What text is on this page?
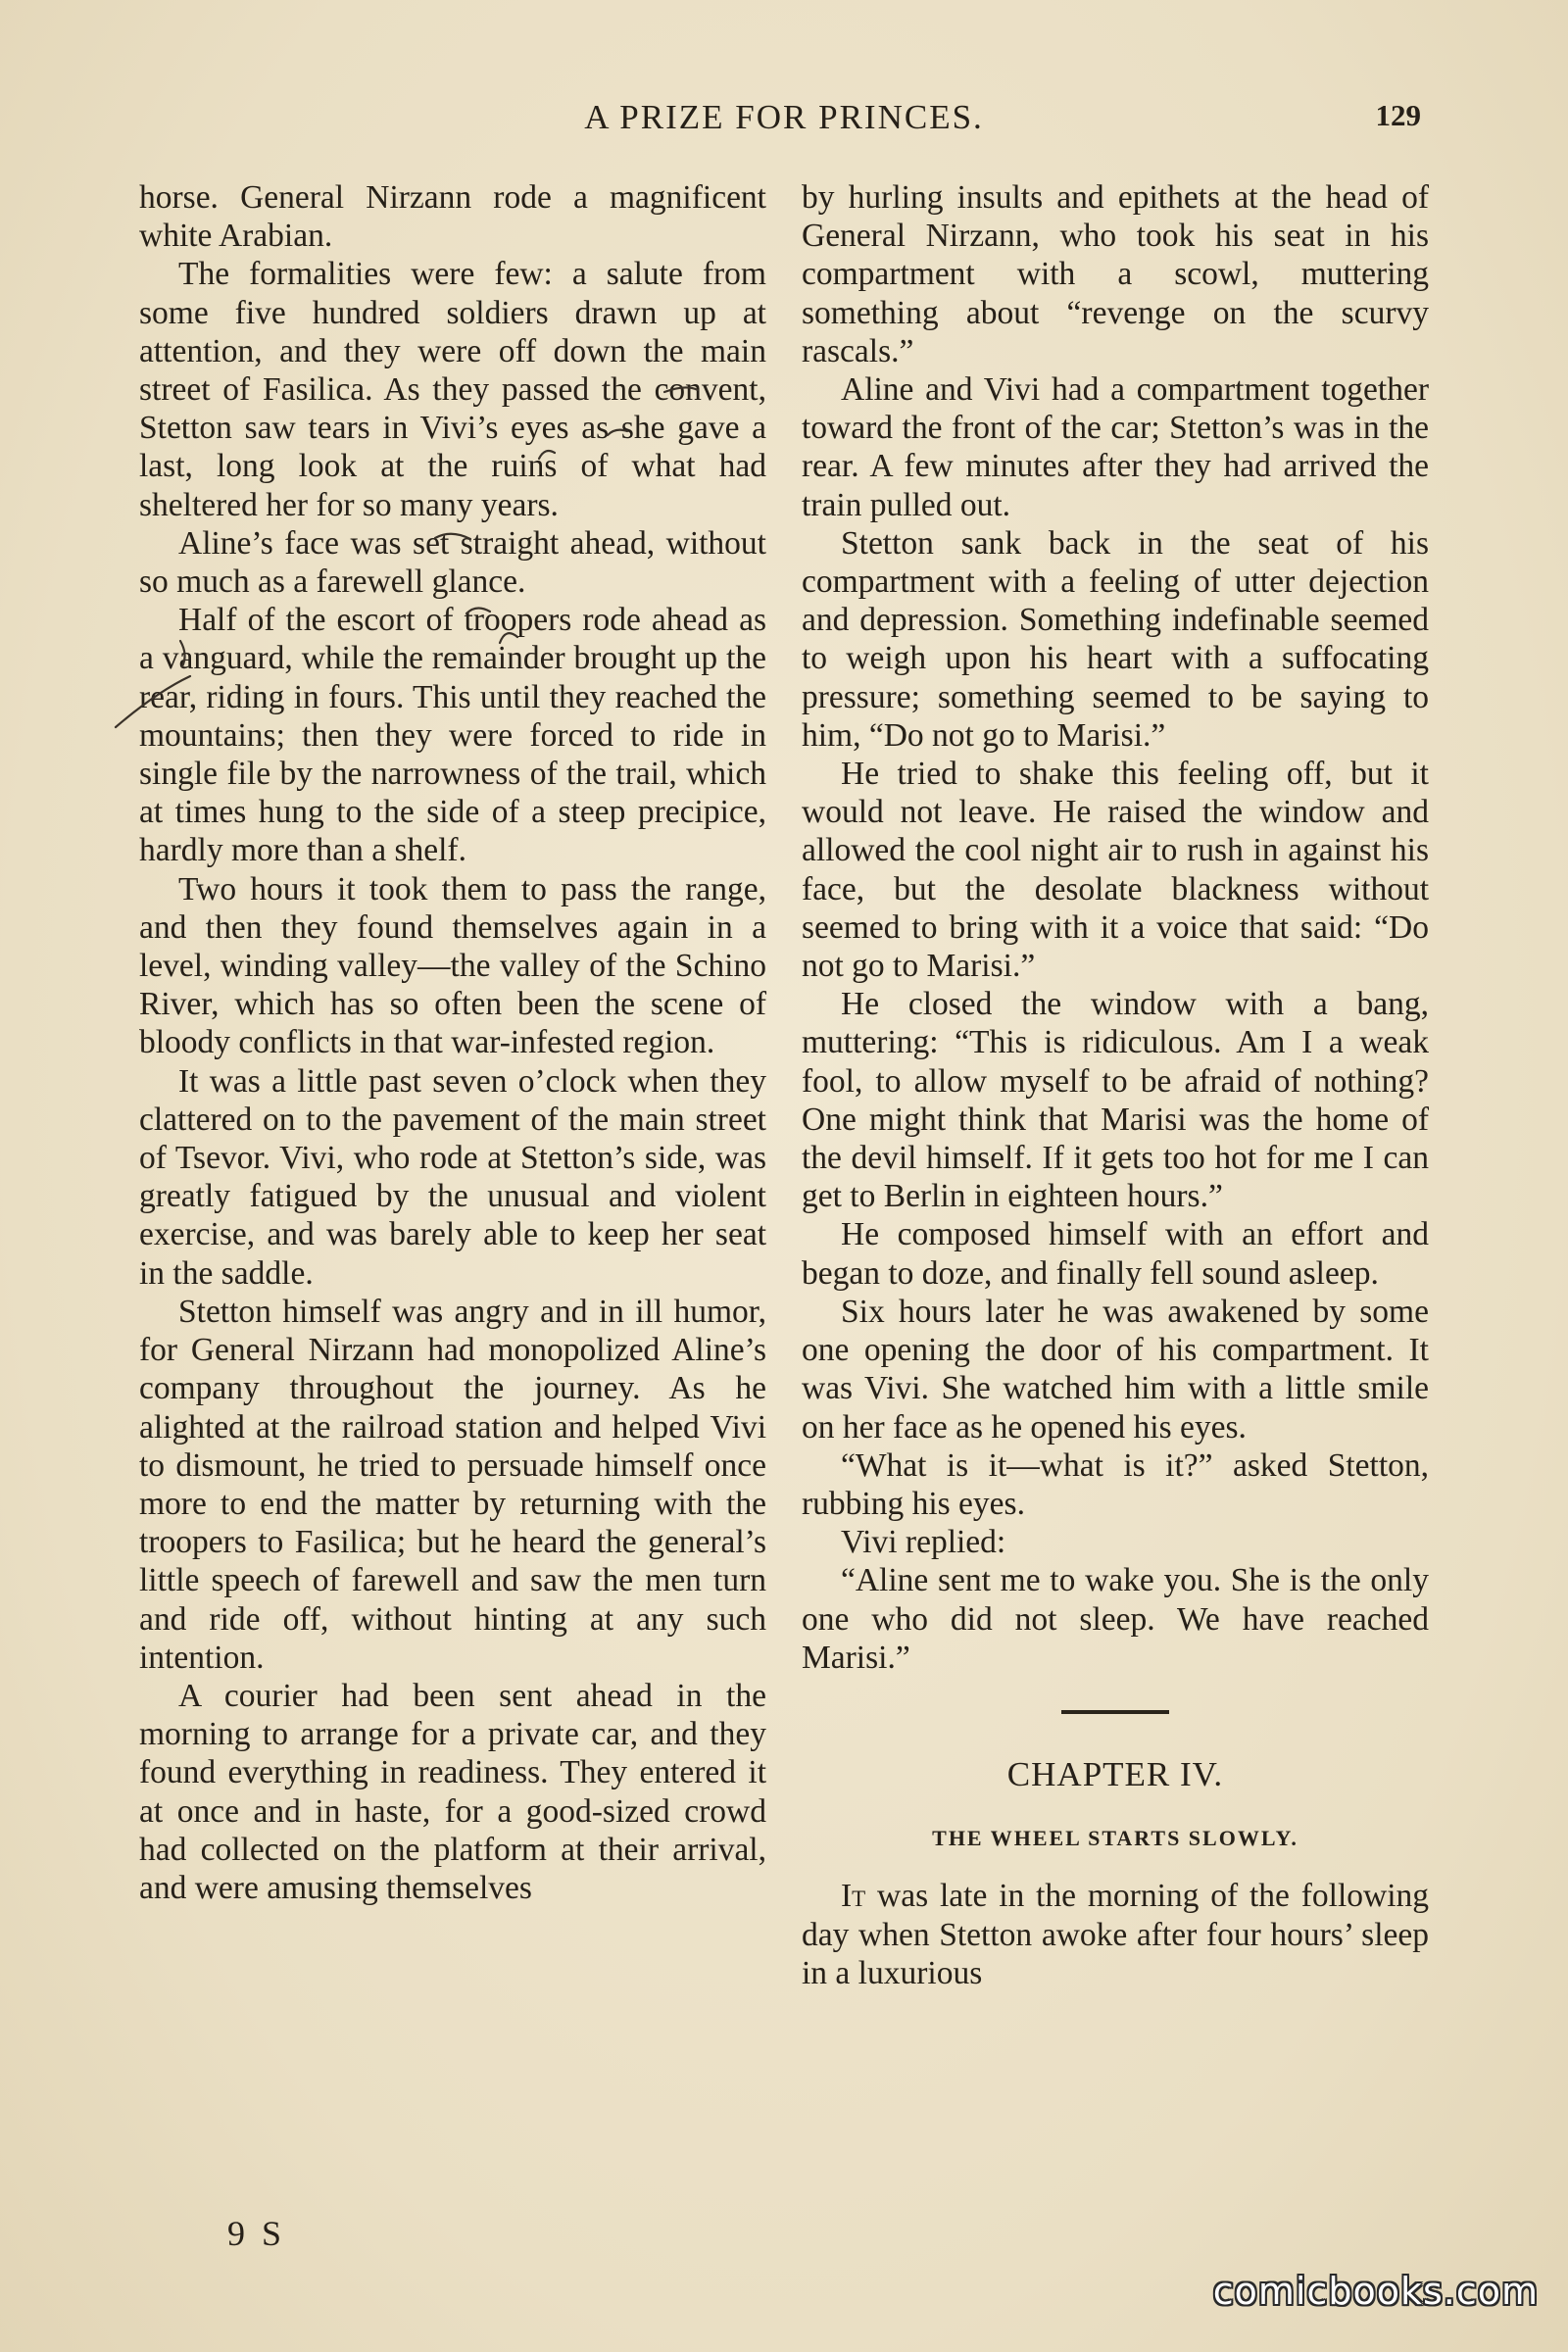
A PRIZE FOR PRINCES.	129

horse. General Nirzann rode a magnificent white Arabian.

The formalities were few: a salute from some five hundred soldiers drawn up at attention, and they were off down the main street of Fasilica. As they passed the convent, Stetton saw tears in Vivi’s eyes as she gave a last, long look at the ruins of what had sheltered her for so many years.

Aline’s face was set straight ahead, without so much as a farewell glance.

Half of the escort of troopers rode ahead as a vanguard, while the remainder brought up the rear, riding in fours. This until they reached the mountains; then they were forced to ride in single file by the narrowness of the trail, which at times hung to the side of a steep precipice, hardly more than a shelf.

Two hours it took them to pass the range, and then they found themselves again in a level, winding valley—the valley of the Schino River, which has so often been the scene of bloody conflicts in that war-infested region.

It was a little past seven o’clock when they clattered on to the pavement of the main street of Tsevor. Vivi, who rode at Stetton’s side, was greatly fatigued by the unusual and violent exercise, and was barely able to keep her seat in the saddle.

Stetton himself was angry and in ill humor, for General Nirzann had monopolized Aline’s company throughout the journey. As he alighted at the railroad station and helped Vivi to dismount, he tried to persuade himself once more to end the matter by returning with the troopers to Fasilica; but he heard the general’s little speech of farewell and saw the men turn and ride off, without hinting at any such intention.

A courier had been sent ahead in the morning to arrange for a private car, and they found everything in readiness. They entered it at once and in haste, for a good-sized crowd had collected on the platform at their arrival, and were amusing themselves

by hurling insults and epithets at the head of General Nirzann, who took his seat in his compartment with a scowl, muttering something about “revenge on the scurvy rascals.”

Aline and Vivi had a compartment together toward the front of the car; Stetton’s was in the rear. A few minutes after they had arrived the train pulled out.

Stetton sank back in the seat of his compartment with a feeling of utter dejection and depression. Something indefinable seemed to weigh upon his heart with a suffocating pressure; something seemed to be saying to him, “Do not go to Marisi.”

He tried to shake this feeling off, but it would not leave. He raised the window and allowed the cool night air to rush in against his face, but the desolate blackness without seemed to bring with it a voice that said: “Do not go to Marisi.”

He closed the window with a bang, muttering: “This is ridiculous. Am I a weak fool, to allow myself to be afraid of nothing? One might think that Marisi was the home of the devil himself. If it gets too hot for me I can get to Berlin in eighteen hours.”

He composed himself with an effort and began to doze, and finally fell sound asleep.

Six hours later he was awakened by some one opening the door of his compartment. It was Vivi. She watched him with a little smile on her face as he opened his eyes.

“What is it—what is it?” asked Stetton, rubbing his eyes.

Vivi replied:

“Aline sent me to wake you. She is the only one who did not sleep. We have reached Marisi.”

CHAPTER IV.
THE WHEEL STARTS SLOWLY.

It was late in the morning of the following day when Stetton awoke after four hours’ sleep in a luxurious

9 S
comicbooks.com
